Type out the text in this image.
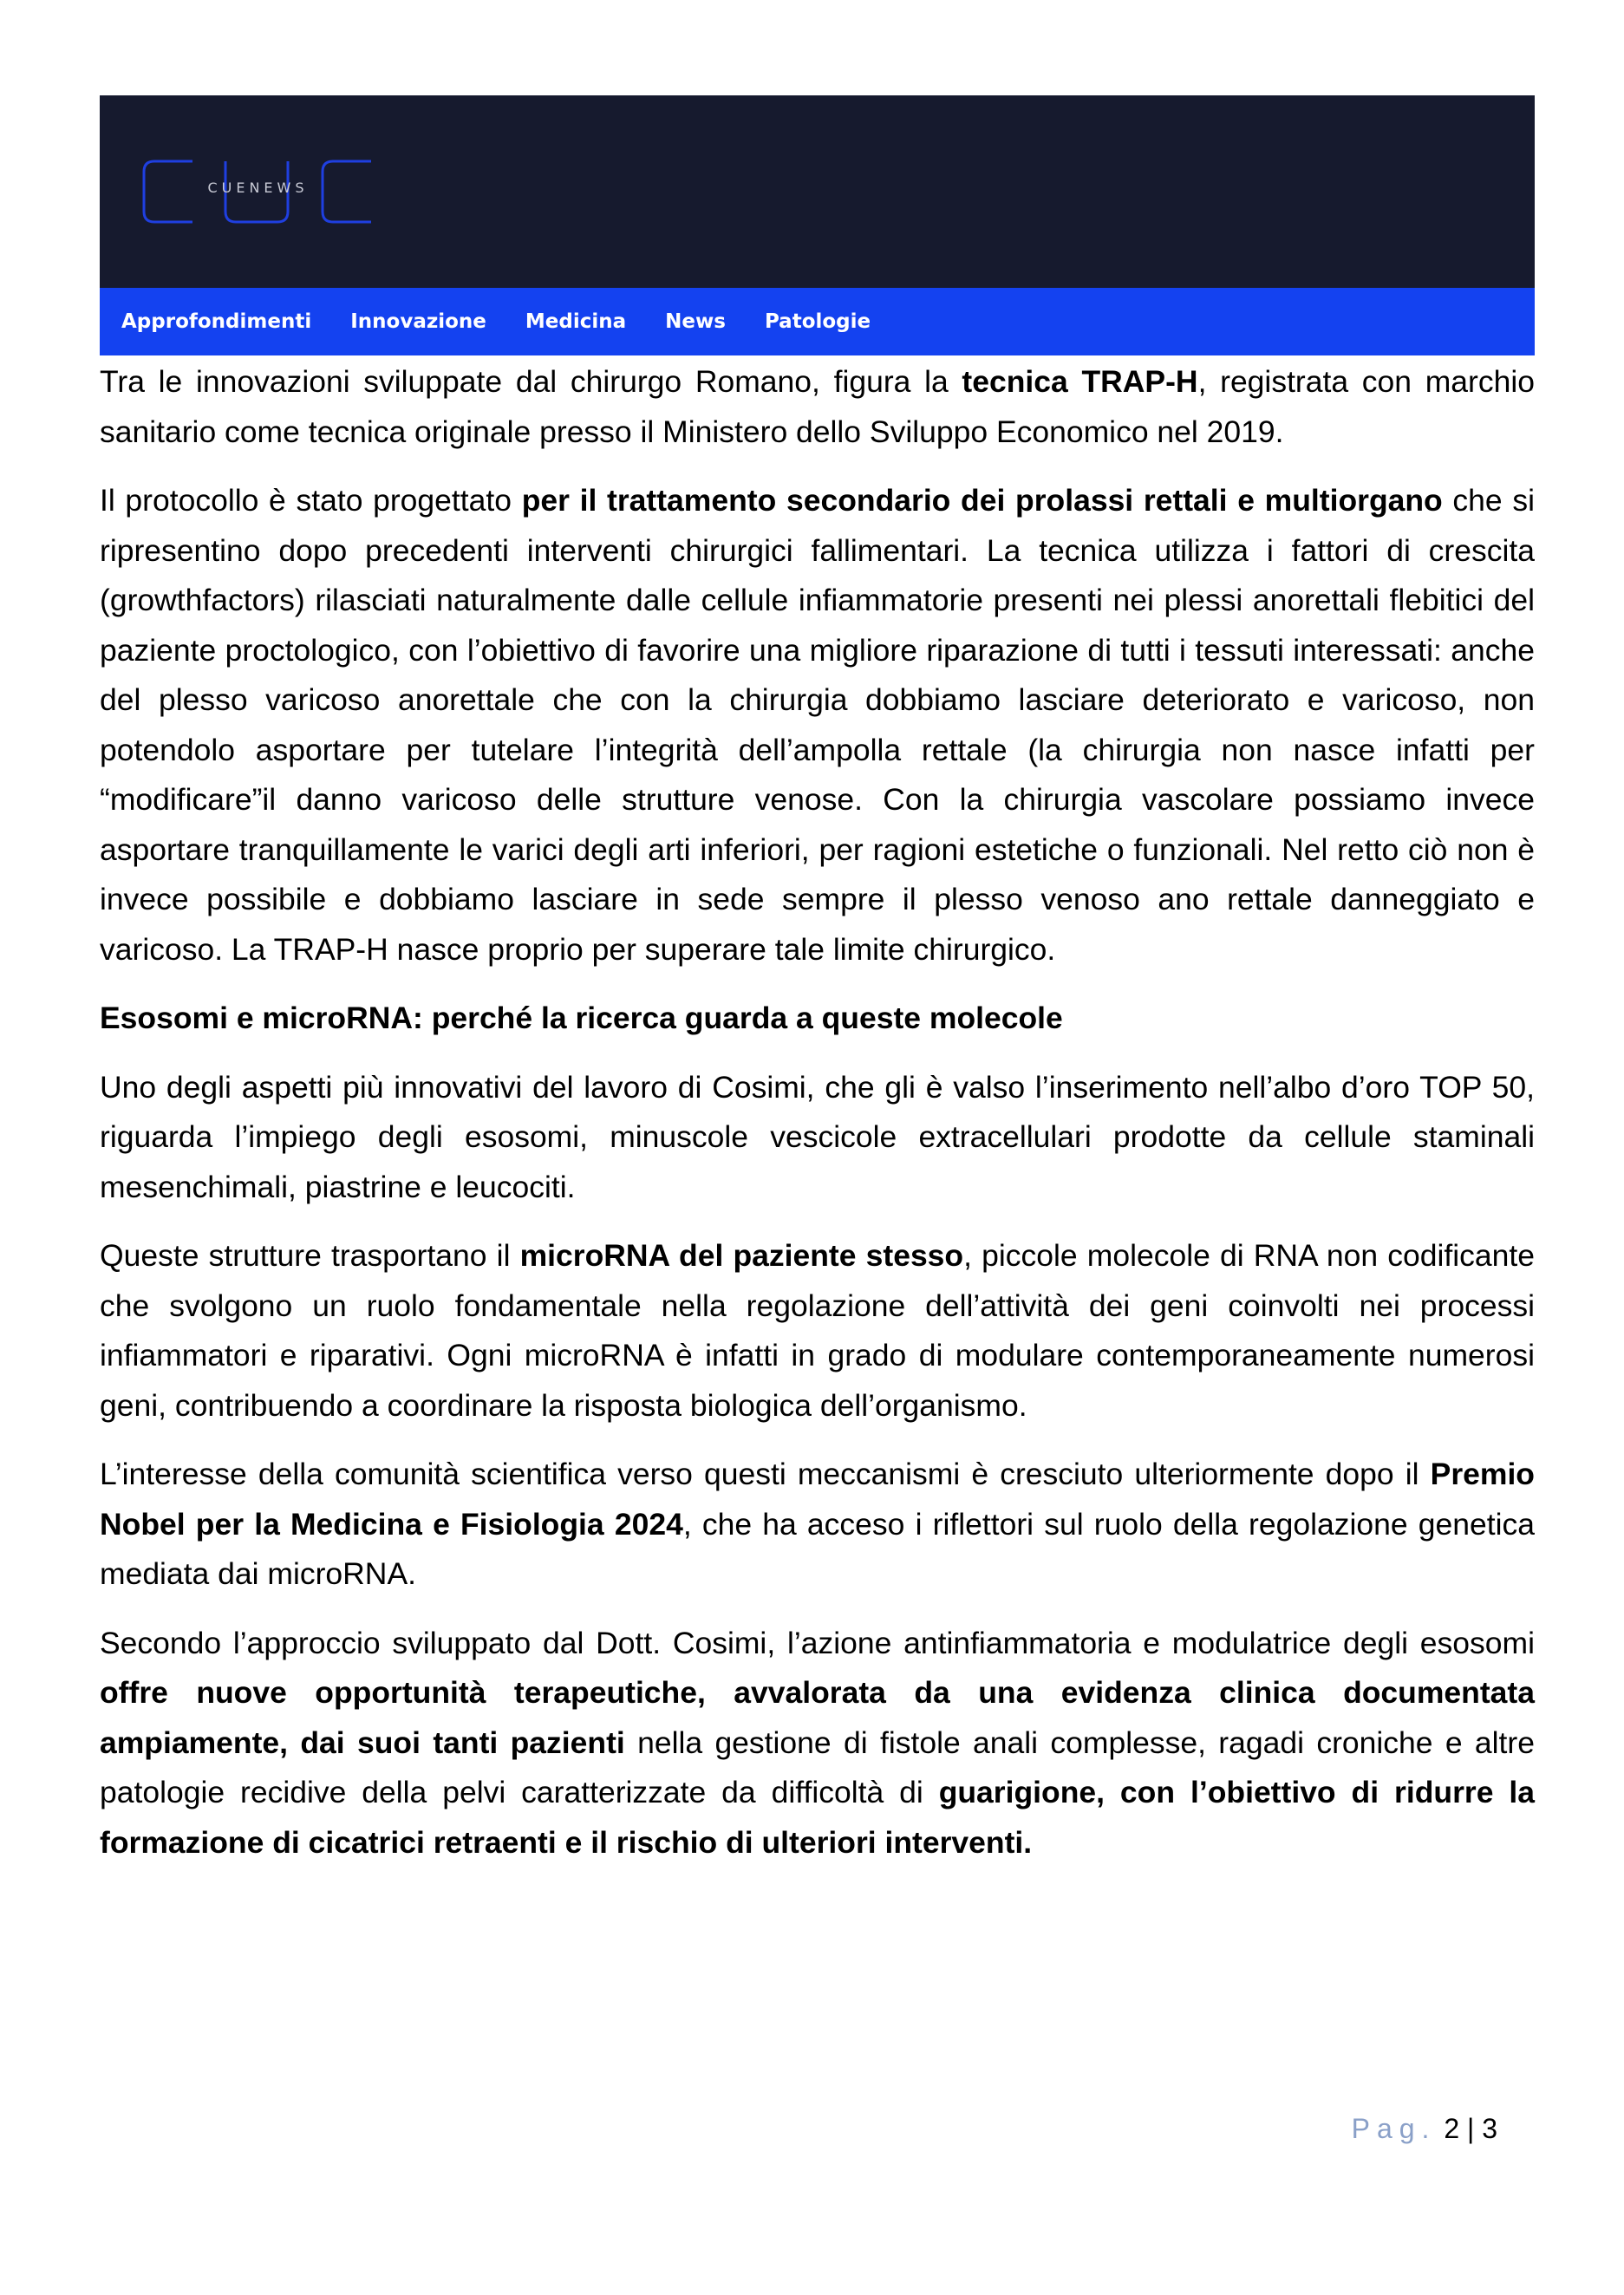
CUENEWS
Approfondimenti Innovazione Medicina News Patologie

Tra le innovazioni sviluppate dal chirurgo Romano, figura la tecnica TRAP-H, registrata con marchio sanitario come tecnica originale presso il Ministero dello Sviluppo Economico nel 2019.

Il protocollo è stato progettato per il trattamento secondario dei prolassi rettali e multiorgano che si ripresentino dopo precedenti interventi chirurgici fallimentari. La tecnica utilizza i fattori di crescita (growthfactors) rilasciati naturalmente dalle cellule infiammatorie presenti nei plessi anorettali flebitici del paziente proctologico, con l’obiettivo di favorire una migliore riparazione di tutti i tessuti interessati: anche del plesso varicoso anorettale che con la chirurgia dobbiamo lasciare deteriorato e varicoso, non potendolo asportare per tutelare l’integrità dell’ampolla rettale (la chirurgia non nasce infatti per “modificare”il danno varicoso delle strutture venose. Con la chirurgia vascolare possiamo invece asportare tranquillamente le varici degli arti inferiori, per ragioni estetiche o funzionali. Nel retto ciò non è invece possibile e dobbiamo lasciare in sede sempre il plesso venoso ano rettale danneggiato e varicoso. La TRAP-H nasce proprio per superare tale limite chirurgico.

Esosomi e microRNA: perché la ricerca guarda a queste molecole

Uno degli aspetti più innovativi del lavoro di Cosimi, che gli è valso l’inserimento nell’albo d’oro TOP 50, riguarda l’impiego degli esosomi, minuscole vescicole extracellulari prodotte da cellule staminali mesenchimali, piastrine e leucociti.

Queste strutture trasportano il microRNA del paziente stesso, piccole molecole di RNA non codificante che svolgono un ruolo fondamentale nella regolazione dell’attività dei geni coinvolti nei processi infiammatori e riparativi. Ogni microRNA è infatti in grado di modulare contemporaneamente numerosi geni, contribuendo a coordinare la risposta biologica dell’organismo.

L’interesse della comunità scientifica verso questi meccanismi è cresciuto ulteriormente dopo il Premio Nobel per la Medicina e Fisiologia 2024, che ha acceso i riflettori sul ruolo della regolazione genetica mediata dai microRNA.

Secondo l’approccio sviluppato dal Dott. Cosimi, l’azione antinfiammatoria e modulatrice degli esosomi offre nuove opportunità terapeutiche, avvalorata da una evidenza clinica documentata ampiamente, dai suoi tanti pazienti nella gestione di fistole anali complesse, ragadi croniche e altre patologie recidive della pelvi caratterizzate da difficoltà di guarigione, con l’obiettivo di ridurre la formazione di cicatrici retraenti e il rischio di ulteriori interventi.

Pag. 2 | 3
